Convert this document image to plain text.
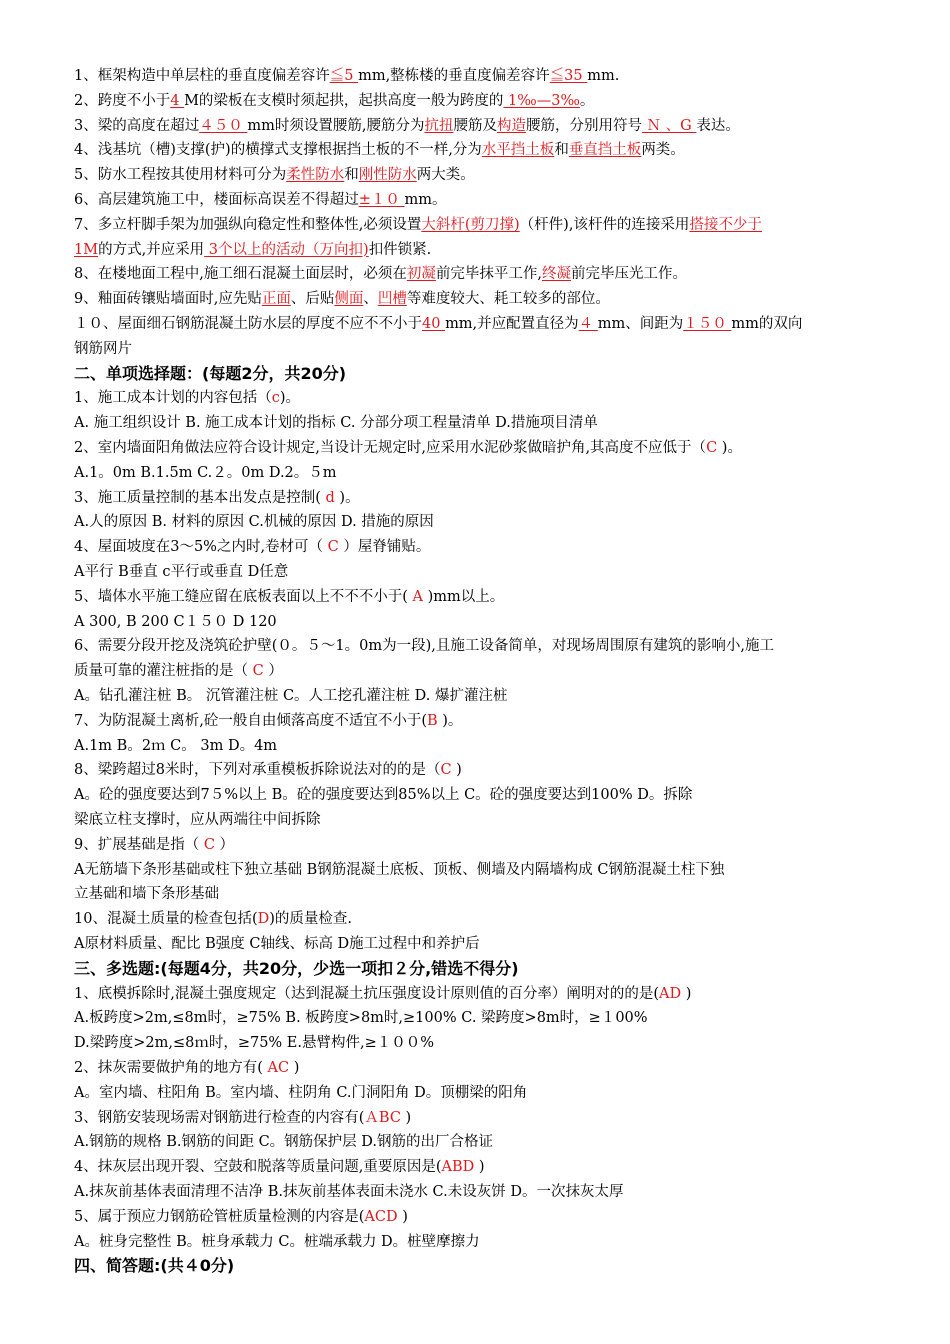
1、框架构造中单层柱的垂直度偏差容许≦5 mm,整栋楼的垂直度偏差容许≦35 mm.
2、跨度不小于4 M的梁板在支模时须起拱，起拱高度一般为跨度的 1‰—3‰。
3、梁的高度在超过４５０ mm时须设置腰筋,腰筋分为抗扭腰筋及构造腰筋，分别用符号 Ｎ 、G 表达。
4、浅基坑（槽)支撑(护)的横撑式支撑根据挡土板的不一样,分为水平挡土板和垂直挡土板两类。
5、防水工程按其使用材料可分为柔性防水和刚性防水两大类。
6、高层建筑施工中，楼面标高误差不得超过±１０ mm。
7、多立杆脚手架为加强纵向稳定性和整体性,必须设置大斜杆(剪刀撑)（杆件),该杆件的连接采用搭接不少于
1M的方式,并应采用 3个以上的活动（万向扣)扣件锁紧.
8、在楼地面工程中,施工细石混凝土面层时，必须在初凝前完毕抹平工作,终凝前完毕压光工作。
9、釉面砖镶贴墙面时,应先贴正面、后贴侧面、凹槽等难度较大、耗工较多的部位。
１０、屋面细石钢筋混凝土防水层的厚度不应不不小于40 mm,并应配置直径为４ mm、间距为１５０ mm的双向
钢筋网片
二、单项选择题：(每题2分，共20分)
1、施工成本计划的内容包括（c)。
A. 施工组织设计 B. 施工成本计划的指标 C. 分部分项工程量清单 D.措施项目清单
2、室内墙面阳角做法应符合设计规定,当设计无规定时,应采用水泥砂浆做暗护角,其高度不应低于（C )。
A.1。0m B.1.5m C.２。0m D.2。５m
3、施工质量控制的基本出发点是控制( d )。
A.人的原因 B. 材料的原因 C.机械的原因 D. 措施的原因
4、屋面坡度在3～5%之内时,卷材可（ C ）屋脊铺贴。
A平行 B垂直 c平行或垂直 D任意
5、墙体水平施工缝应留在底板表面以上不不不小于( A )mm以上。
A 300, B 200 C１５０ D 120
6、需要分段开挖及浇筑砼护壁(０。５～1。0m为一段),且施工设备简单，对现场周围原有建筑的影响小,施工
质量可靠的灌注桩指的是（ C ）
A。钻孔灌注桩 B。 沉管灌注桩 C。人工挖孔灌注桩 D. 爆扩灌注桩
7、为防混凝土离析,砼一般自由倾落高度不适宜不小于(B )。
A.1m B。2ｍ C。 3m D。4m
8、梁跨超过8米时，下列对承重模板拆除说法对的的是（C )
A。砼的强度要达到7５%以上 B。砼的强度要达到85%以上 C。砼的强度要达到100% D。拆除
梁底立柱支撑时，应从两端往中间拆除
9、扩展基础是指（ C ）
A无筋墙下条形基础或柱下独立基础 B钢筋混凝土底板、顶板、侧墙及内隔墙构成 C钢筋混凝土柱下独
立基础和墙下条形基础
10、混凝土质量的检查包括(D)的质量检查.
A原材料质量、配比 B强度 C轴线、标高 D施工过程中和养护后
三、多选题:(每题4分，共20分，少选一项扣２分,错选不得分)
1、底模拆除时,混凝土强度规定（达到混凝土抗压强度设计原则值的百分率）阐明对的的是(AD )
A.板跨度>2m,≤8m时，≥75% B. 板跨度>8m时,≥100% C. 梁跨度>8m时，≥１00%
D.梁跨度>2m,≤8ｍ时，≥75% E.悬臂构件,≥１００%
2、抹灰需要做护角的地方有( AC )
A。室内墙、柱阳角 B。室内墙、柱阴角 C.门洞阳角 D。顶棚梁的阳角
3、钢筋安装现场需对钢筋进行检查的内容有(ＡBC )
A.钢筋的规格 B.钢筋的间距 C。钢筋保护层 D.钢筋的出厂合格证
4、抹灰层出现开裂、空鼓和脱落等质量问题,重要原因是(ABD )
A.抹灰前基体表面清理不洁净 B.抹灰前基体表面未浇水 C.未设灰饼 D。一次抹灰太厚
5、属于预应力钢筋砼管桩质量检测的内容是(ACD )
A。桩身完整性 B。桩身承载力 C。桩端承载力 D。桩壁摩擦力
四、简答题:(共４0分)
